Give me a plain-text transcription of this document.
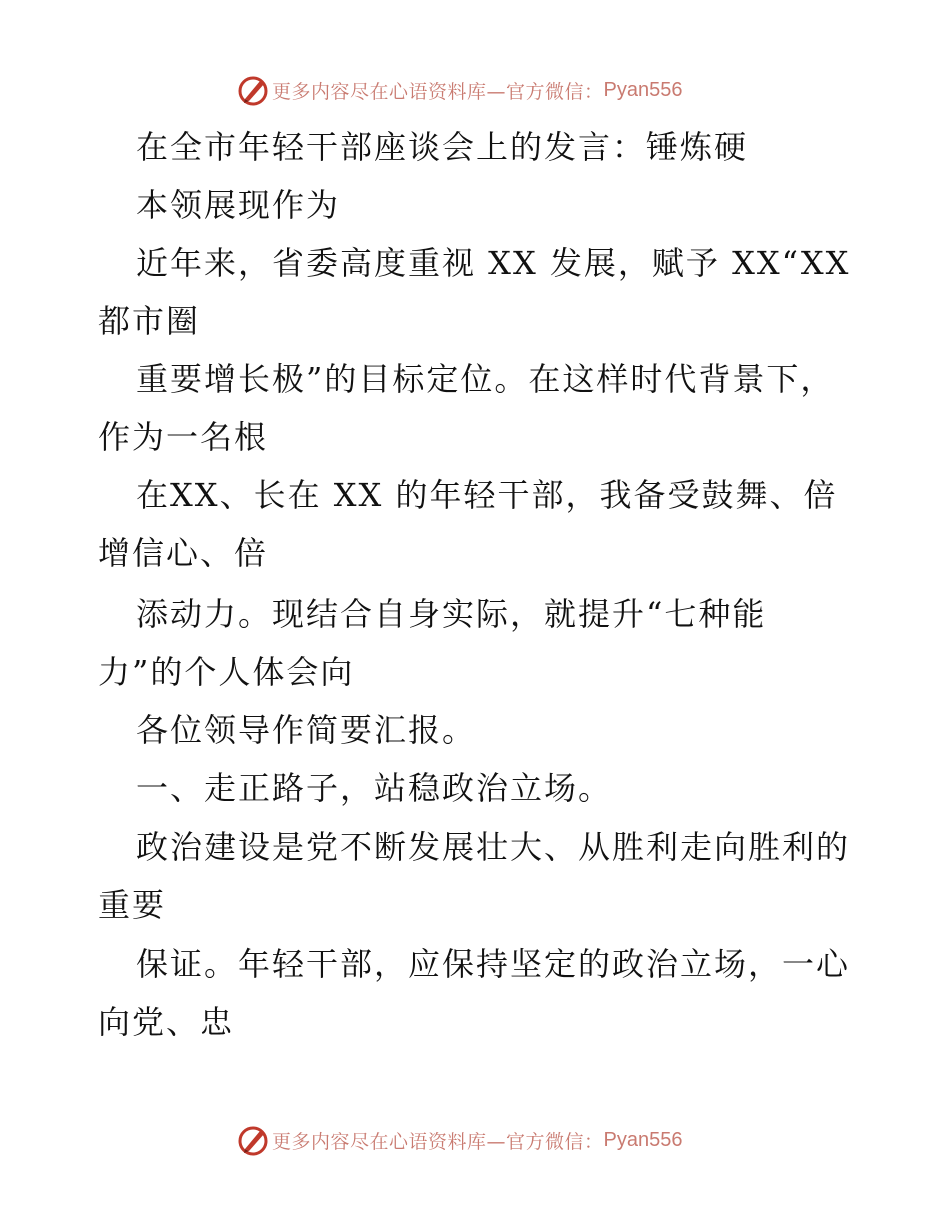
更多内容尽在心语资料库—官方微信： Pyan556
在全市年轻干部座谈会上的发言：锤炼硬
本领展现作为
近年来，省委高度重视 XX 发展，赋予 XX“XX
都市圈
重要增长极”的目标定位。在这样时代背景下，
作为一名根
在XX、长在 XX 的年轻干部，我备受鼓舞、倍
增信心、倍
添动力。现结合自身实际，就提升“七种能
力”的个人体会向
各位领导作简要汇报。
一、走正路子，站稳政治立场。
政治建设是党不断发展壮大、从胜利走向胜利的
重要
保证。年轻干部，应保持坚定的政治立场，一心
向党、忠
更多内容尽在心语资料库—官方微信： Pyan556
